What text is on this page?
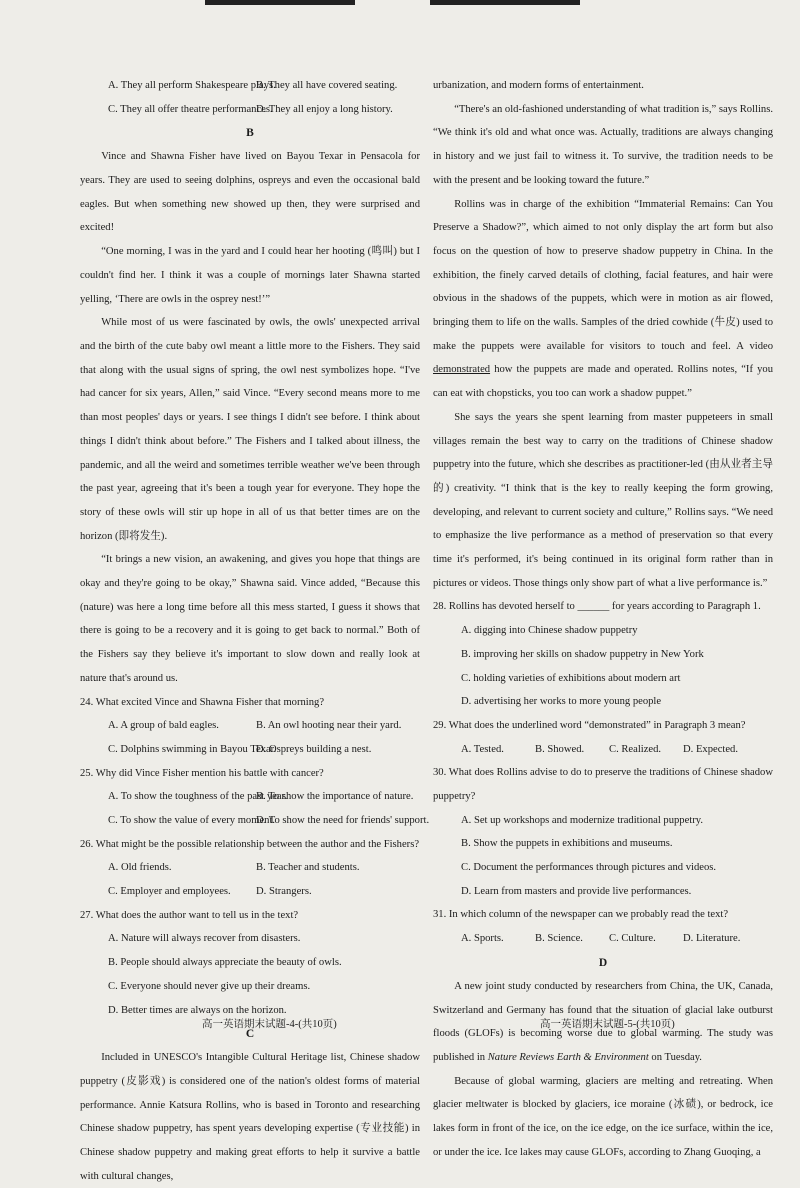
A. They all perform Shakespeare plays.
B. They all have covered seating.
C. They all offer theatre performances.
D. They all enjoy a long history.
B

Vince and Shawna Fisher have lived on Bayou Texar in Pensacola for years. They are used to seeing dolphins, ospreys and even the occasional bald eagles. But when something new showed up then, they were surprised and excited!

“One morning, I was in the yard and I could hear her hooting (鸣叫) but I couldn't find her. I think it was a couple of mornings later Shawna started yelling, ‘There are owls in the osprey nest!’”

While most of us were fascinated by owls, the owls' unexpected arrival and the birth of the cute baby owl meant a little more to the Fishers. They said that along with the usual signs of spring, the owl nest symbolizes hope. “I've had cancer for six years, Allen,” said Vince. “Every second means more to me than most peoples' days or years. I see things I didn't see before. I think about things I didn't think about before.” The Fishers and I talked about illness, the pandemic, and all the weird and sometimes terrible weather we've been through the past year, agreeing that it's been a tough year for everyone. They hope the story of these owls will stir up hope in all of us that better times are on the horizon (即将发生).

“It brings a new vision, an awakening, and gives you hope that things are okay and they're going to be okay,” Shawna said. Vince added, “Because this (nature) was here a long time before all this mess started, I guess it shows that there is going to be a recovery and it is going to get back to normal.” Both of the Fishers say they believe it's important to slow down and really look at nature that's around us.

24. What excited Vince and Shawna Fisher that morning?

A. A group of bald eagles.	B. An owl hooting near their yard.
C. Dolphins swimming in Bayou Texar.
D. Ospreys building a nest.

25. Why did Vince Fisher mention his battle with cancer?

A. To show the toughness of the past year.
B. To show the importance of nature.
C. To show the value of every moment.
D. To show the need for friends' support.

26. What might be the possible relationship between the author and the Fishers?

A. Old friends.	B. Teacher and students.
C. Employer and employees.	D. Strangers.

27. What does the author want to tell us in the text?

A. Nature will always recover from disasters.
B. People should always appreciate the beauty of owls.
C. Everyone should never give up their dreams.
D. Better times are always on the horizon.
C

Included in UNESCO's Intangible Cultural Heritage list, Chinese shadow puppetry (皮影戏) is considered one of the nation's oldest forms of material performance. Annie Katsura Rollins, who is based in Toronto and researching Chinese shadow puppetry, has spent years developing expertise (专业技能) in Chinese shadow puppetry and making great efforts to help it survive a battle with cultural changes,

urbanization, and modern forms of entertainment.

“There's an old-fashioned understanding of what tradition is,” says Rollins. “We think it's old and what once was. Actually, traditions are always changing in history and we just fail to witness it. To survive, the tradition needs to be with the present and be looking toward the future.”

Rollins was in charge of the exhibition “Immaterial Remains: Can You Preserve a Shadow?”, which aimed to not only display the art form but also focus on the question of how to preserve shadow puppetry in China. In the exhibition, the finely carved details of clothing, facial features, and hair were obvious in the shadows of the puppets, which were in motion as air flowed, bringing them to life on the walls. Samples of the dried cowhide (牛皮) used to make the puppets were available for visitors to touch and feel. A video demonstrated how the puppets are made and operated. Rollins notes, “If you can eat with chopsticks, you too can work a shadow puppet.”

She says the years she spent learning from master puppeteers in small villages remain the best way to carry on the traditions of Chinese shadow puppetry into the future, which she describes as practitioner-led (由从业者主导的) creativity. “I think that is the key to really keeping the form growing, developing, and relevant to current society and culture,” Rollins says. “We need to emphasize the live performance as a method of preservation so that every time it's performed, it's being continued in its original form rather than in pictures or videos. Those things only show part of what a live performance is.”

28. Rollins has devoted herself to ______ for years according to Paragraph 1.

A. digging into Chinese shadow puppetry
B. improving her skills on shadow puppetry in New York
C. holding varieties of exhibitions about modern art
D. advertising her works to more young people

29. What does the underlined word “demonstrated” in Paragraph 3 mean?

A. Tested.	B. Showed.	C. Realized.	D. Expected.

30. What does Rollins advise to do to preserve the traditions of Chinese shadow puppetry?

A. Set up workshops and modernize traditional puppetry.
B. Show the puppets in exhibitions and museums.
C. Document the performances through pictures and videos.
D. Learn from masters and provide live performances.

31. In which column of the newspaper can we probably read the text?

A. Sports.	B. Science.	C. Culture.	D. Literature.
D

A new joint study conducted by researchers from China, the UK, Canada, Switzerland and Germany has found that the situation of glacial lake outburst floods (GLOFs) is becoming worse due to global warming. The study was published in Nature Reviews Earth & Environment on Tuesday.

Because of global warming, glaciers are melting and retreating. When glacier meltwater is blocked by glaciers, ice moraine (冰碛), or bedrock, ice lakes form in front of the ice, on the ice edge, on the ice surface, within the ice, or under the ice. Ice lakes may cause GLOFs, according to Zhang Guoqing, a

高一英语期末试题-4-(共10页)	高一英语期末试题-5-(共10页)
